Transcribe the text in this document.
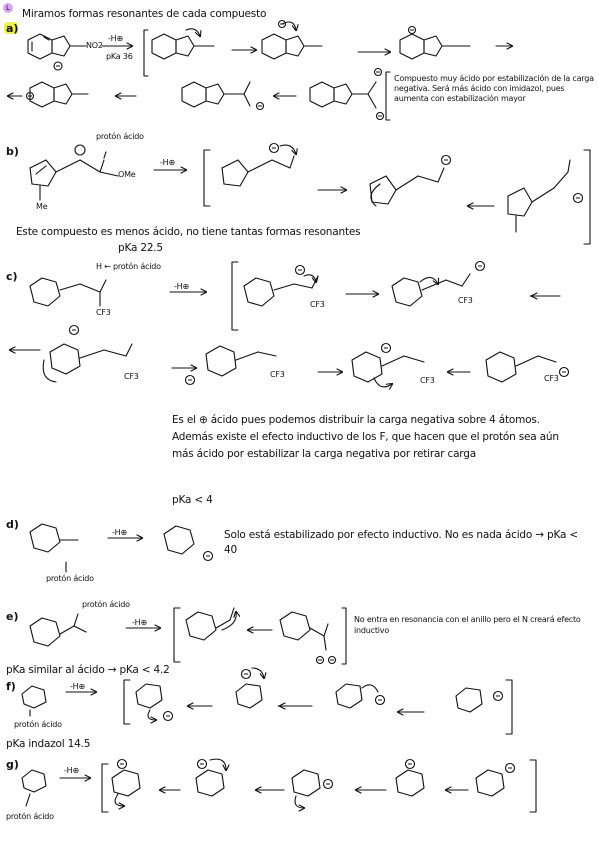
L Miramos formas resonantes de cada compuesto
a)
NO2
-H⊕
pKa 36
Compuesto muy ácido por estabilización de la carga negativa. Será más ácido con imidazol, pues aumenta con estabilización mayor
b)
protón ácido
OMe
Me
-H⊕
Este compuesto es menos ácido, no tiene tantas formas resonantes
pKa 22.5
c)
H ← protón ácido
-H⊕
CF3
CF3	CF3
CF3	CF3
CF3	CF3
Es el ⊕ ácido pues podemos distribuir la carga negativa sobre 4 átomos. Además existe el efecto inductivo de los F, que hacen que el protón sea aún más ácido por estabilizar la carga negativa por retirar carga
pKa < 4
d)
-H⊕
protón ácido
Solo está estabilizado por efecto inductivo. No es nada ácido → pKa < 40
e)
protón ácido
-H⊕	No entra en resonancia con el anillo pero el N creará efecto inductivo
pKa similar al ácido → pKa < 4.2
f)	-H⊕
protón ácido
pKa indazol 14.5
g)	-H⊕
protón ácido
